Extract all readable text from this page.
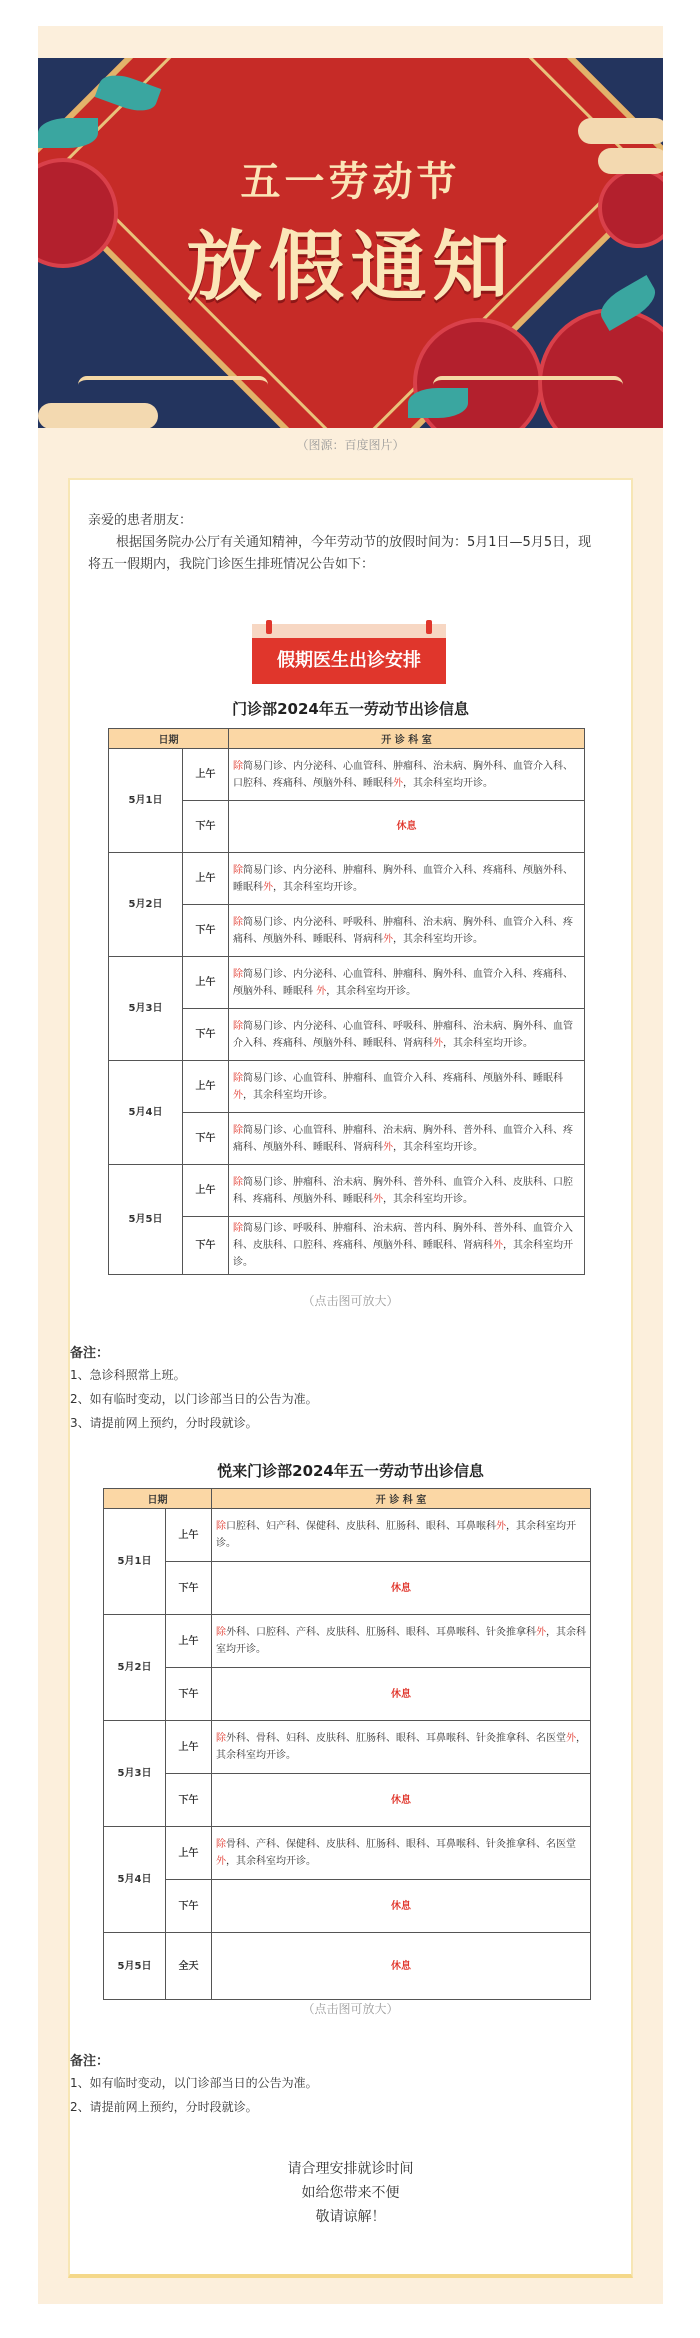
五一劳动节
放假通知
（图源：百度图片）
亲爱的患者朋友：
根据国务院办公厅有关通知精神，今年劳动节的放假时间为：5月1日—5月5日，现将五一假期内，我院门诊医生排班情况公告如下：
假期医生出诊安排
门诊部2024年五一劳动节出诊信息
日期		开 诊 科 室
5月1日	上午	除简易门诊、内分泌科、心血管科、肿瘤科、治未病、胸外科、血管介入科、口腔科、疼痛科、颅脑外科、睡眠科外，其余科室均开诊。
	下午	休息
5月2日	上午	除简易门诊、内分泌科、肿瘤科、胸外科、血管介入科、疼痛科、颅脑外科、睡眠科外，其余科室均开诊。
	下午	除简易门诊、内分泌科、呼吸科、肿瘤科、治未病、胸外科、血管介入科、疼痛科、颅脑外科、睡眠科、肾病科外，其余科室均开诊。
5月3日	上午	除简易门诊、内分泌科、心血管科、肿瘤科、胸外科、血管介入科、疼痛科、颅脑外科、睡眠科 外，其余科室均开诊。
	下午	除简易门诊、内分泌科、心血管科、呼吸科、肿瘤科、治未病、胸外科、血管介入科、疼痛科、颅脑外科、睡眠科、肾病科外，其余科室均开诊。
5月4日	上午	除简易门诊、心血管科、肿瘤科、血管介入科、疼痛科、颅脑外科、睡眠科外，其余科室均开诊。
	下午	除简易门诊、心血管科、肿瘤科、治未病、胸外科、普外科、血管介入科、疼痛科、颅脑外科、睡眠科、肾病科外，其余科室均开诊。
5月5日	上午	除简易门诊、肿瘤科、治未病、胸外科、普外科、血管介入科、皮肤科、口腔科、疼痛科、颅脑外科、睡眠科外，其余科室均开诊。
	下午	除简易门诊、呼吸科、肿瘤科、治未病、普内科、胸外科、普外科、血管介入科、皮肤科、口腔科、疼痛科、颅脑外科、睡眠科、肾病科外，其余科室均开诊。
（点击图可放大）
备注：
1、急诊科照常上班。
2、如有临时变动，以门诊部当日的公告为准。
3、请提前网上预约，分时段就诊。
悦来门诊部2024年五一劳动节出诊信息
日期		开 诊 科 室
5月1日	上午	除口腔科、妇产科、保健科、皮肤科、肛肠科、眼科、耳鼻喉科外，其余科室均开诊。
	下午	休息
5月2日	上午	除外科、口腔科、产科、皮肤科、肛肠科、眼科、耳鼻喉科、针灸推拿科外，其余科室均开诊。
	下午	休息
5月3日	上午	除外科、骨科、妇科、皮肤科、肛肠科、眼科、耳鼻喉科、针灸推拿科、名医堂外，其余科室均开诊。
	下午	休息
5月4日	上午	除骨科、产科、保健科、皮肤科、肛肠科、眼科、耳鼻喉科、针灸推拿科、名医堂外，其余科室均开诊。
	下午	休息
5月5日	全天	休息
（点击图可放大）
备注：
1、如有临时变动，以门诊部当日的公告为准。
2、请提前网上预约，分时段就诊。
请合理安排就诊时间
如给您带来不便
敬请谅解！
